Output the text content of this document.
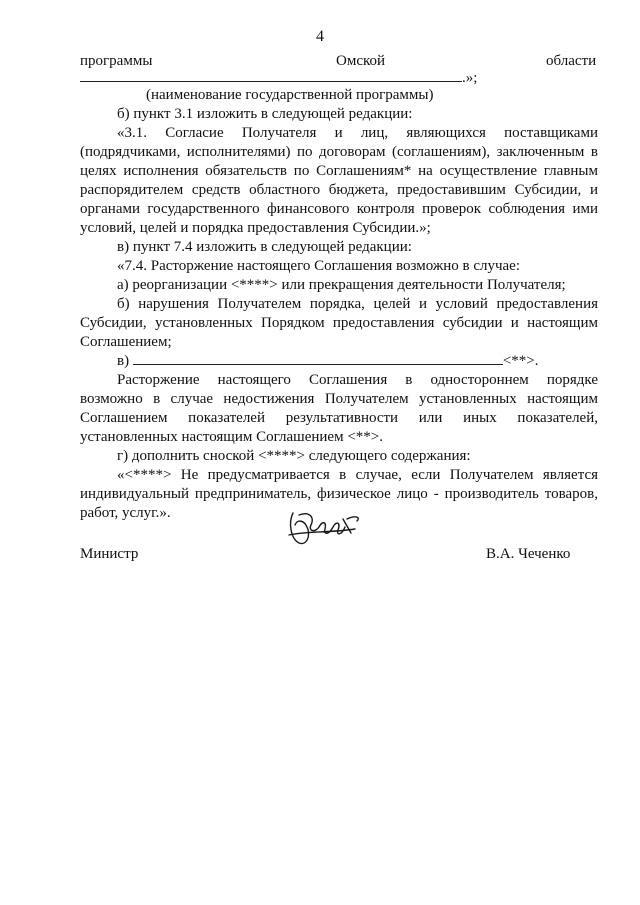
4
программы	Омской	области
.»;
(наименование государственной программы)
б) пункт 3.1 изложить в следующей редакции:
«3.1. Согласие Получателя и лиц, являющихся поставщиками
(подрядчиками, исполнителями) по договорам (соглашениям), заключенным в
целях исполнения обязательств по Соглашениям* на осуществление главным
распорядителем средств областного бюджета, предоставившим Субсидии, и
органами государственного финансового контроля проверок соблюдения ими
условий, целей и порядка предоставления Субсидии.»;
в) пункт 7.4 изложить в следующей редакции:
«7.4. Расторжение настоящего Соглашения возможно в случае:
а) реорганизации <****> или прекращения деятельности Получателя;
б) нарушения Получателем порядка, целей и условий предоставления
Субсидии, установленных Порядком предоставления субсидии и настоящим
Соглашением;
в)	<**>.
Расторжение настоящего Соглашения в одностороннем порядке
возможно в случае недостижения Получателем установленных настоящим
Соглашением показателей результативности или иных показателей,
установленных настоящим Соглашением <**>.
г) дополнить сноской <****> следующего содержания:
«<****> Не предусматривается в случае, если Получателем является
индивидуальный предприниматель, физическое лицо - производитель товаров,
работ, услуг.».
Министр	В.А. Чеченко
